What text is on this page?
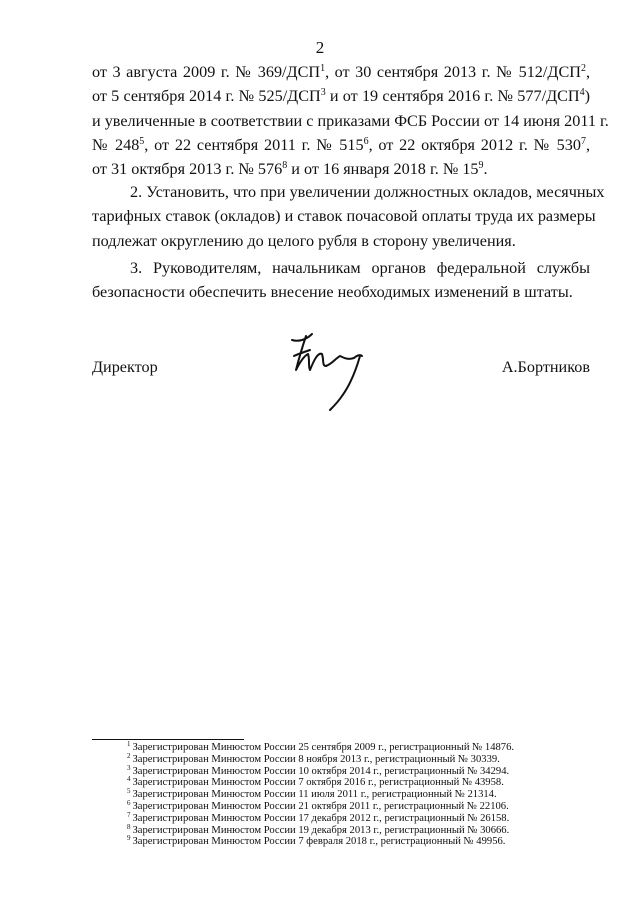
2
от 3 августа 2009 г. № 369/ДСП$^1$, от 30 сентября 2013 г. № 512/ДСП$^2$,
от 5 сентября 2014 г. № 525/ДСП$^3$ и от 19 сентября 2016 г. № 577/ДСП$^4$)
и увеличенные в соответствии с приказами ФСБ России от 14 июня 2011 г.
№ $248^5$, от 22 сентября 2011 г. № $515^6$, от 22 октября 2012 г. № $530^7$,
от 31 октября 2013 г. № $576^8$ и от 16 января 2018 г. № $15^9$.
2. Установить, что при увеличении должностных окладов, месячных
тарифных ставок (окладов) и ставок почасовой оплаты труда их размеры
подлежат округлению до целого рубля в сторону увеличения.
3. Руководителям, начальникам органов федеральной службы
безопасности обеспечить внесение необходимых изменений в штаты.
Директор	А.Бортников
$^1$ Зарегистрирован Минюстом России 25 сентября 2009 г., регистрационный № 14876.
$^2$ Зарегистрирован Минюстом России 8 ноября 2013 г., регистрационный № 30339.
$^3$ Зарегистрирован Минюстом России 10 октября 2014 г., регистрационный № 34294.
$^4$ Зарегистрирован Минюстом России 7 октября 2016 г., регистрационный № 43958.
$^5$ Зарегистрирован Минюстом России 11 июля 2011 г., регистрационный № 21314.
$^6$ Зарегистрирован Минюстом России 21 октября 2011 г., регистрационный № 22106.
$^7$ Зарегистрирован Минюстом России 17 декабря 2012 г., регистрационный № 26158.
$^8$ Зарегистрирован Минюстом России 19 декабря 2013 г., регистрационный № 30666.
$^9$ Зарегистрирован Минюстом России 7 февраля 2018 г., регистрационный № 49956.
